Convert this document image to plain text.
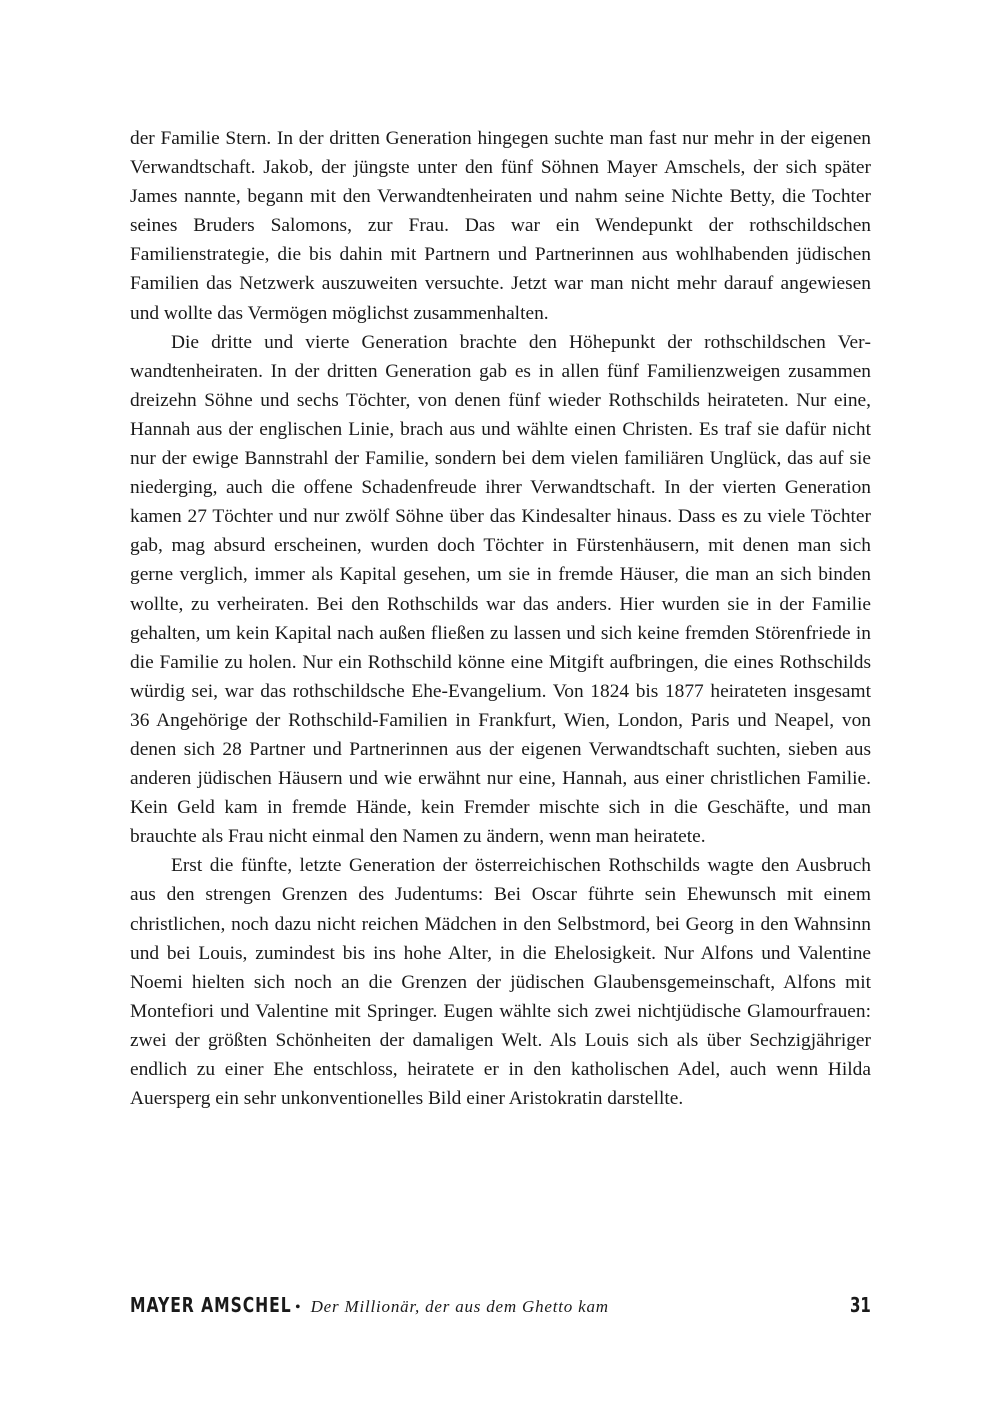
der Familie Stern. In der dritten Generation hingegen suchte man fast nur mehr in der eigenen Verwandtschaft. Jakob, der jüngste unter den fünf Söhnen Mayer Amschels, der sich später James nannte, begann mit den Verwandtenheiraten und nahm seine Nichte Betty, die Tochter seines Bruders Salomons, zur Frau. Das war ein Wendepunkt der rothschildschen Familienstrategie, die bis dahin mit Partnern und Partnerinnen aus wohlhabenden jüdischen Familien das Netzwerk auszuweiten versuchte. Jetzt war man nicht mehr darauf angewiesen und wollte das Vermögen möglichst zusammenhalten.

Die dritte und vierte Generation brachte den Höhepunkt der rothschildschen Verwandtenheiraten. In der dritten Generation gab es in allen fünf Familienzweigen zusammen dreizehn Söhne und sechs Töchter, von denen fünf wieder Rothschilds heirateten. Nur eine, Hannah aus der englischen Linie, brach aus und wählte einen Christen. Es traf sie dafür nicht nur der ewige Bannstrahl der Familie, sondern bei dem vielen familiären Unglück, das auf sie niederging, auch die offene Schadenfreude ihrer Verwandtschaft. In der vierten Generation kamen 27 Töchter und nur zwölf Söhne über das Kindesalter hinaus. Dass es zu viele Töchter gab, mag absurd erscheinen, wurden doch Töchter in Fürstenhäusern, mit denen man sich gerne verglich, immer als Kapital gesehen, um sie in fremde Häuser, die man an sich binden wollte, zu verheiraten. Bei den Rothschilds war das anders. Hier wurden sie in der Familie gehalten, um kein Kapital nach außen fließen zu lassen und sich keine fremden Störenfriede in die Familie zu holen. Nur ein Rothschild könne eine Mitgift aufbringen, die eines Rothschilds würdig sei, war das rothschildsche Ehe-Evangelium. Von 1824 bis 1877 heirateten insgesamt 36 Angehörige der Rothschild-Familien in Frankfurt, Wien, London, Paris und Neapel, von denen sich 28 Partner und Partnerinnen aus der eigenen Verwandtschaft suchten, sieben aus anderen jüdischen Häusern und wie erwähnt nur eine, Hannah, aus einer christlichen Familie. Kein Geld kam in fremde Hände, kein Fremder mischte sich in die Geschäfte, und man brauchte als Frau nicht einmal den Namen zu ändern, wenn man heiratete.

Erst die fünfte, letzte Generation der österreichischen Rothschilds wagte den Ausbruch aus den strengen Grenzen des Judentums: Bei Oscar führte sein Ehewunsch mit einem christlichen, noch dazu nicht reichen Mädchen in den Selbstmord, bei Georg in den Wahnsinn und bei Louis, zumindest bis ins hohe Alter, in die Ehelosigkeit. Nur Alfons und Valentine Noemi hielten sich noch an die Grenzen der jüdischen Glaubensgemeinschaft, Alfons mit Montefiori und Valentine mit Springer. Eugen wählte sich zwei nichtjüdische Glamourfrauen: zwei der größten Schönheiten der damaligen Welt. Als Louis sich als über Sechzigjähriger endlich zu einer Ehe entschloss, heiratete er in den katholischen Adel, auch wenn Hilda Auersperg ein sehr unkonventionelles Bild einer Aristokratin darstellte.

MAYER AMSCHEL • Der Millionär, der aus dem Ghetto kam	31
